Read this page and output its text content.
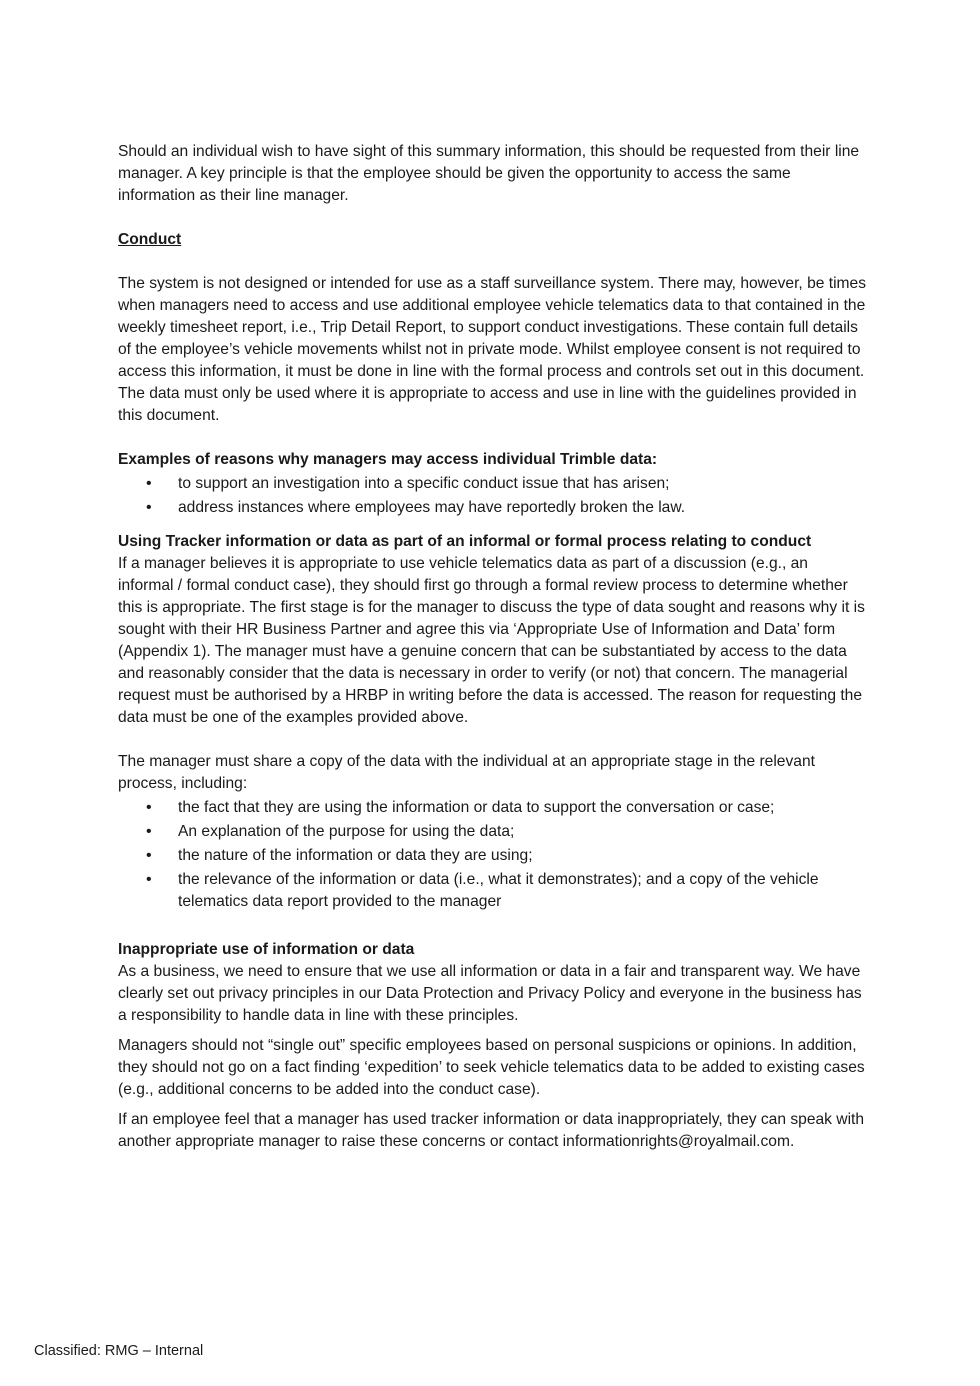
Should an individual wish to have sight of this summary information, this should be requested from their line manager. A key principle is that the employee should be given the opportunity to access the same information as their line manager.

Conduct

The system is not designed or intended for use as a staff surveillance system. There may, however, be times when managers need to access and use additional employee vehicle telematics data to that contained in the weekly timesheet report, i.e., Trip Detail Report, to support conduct investigations. These contain full details of the employee’s vehicle movements whilst not in private mode. Whilst employee consent is not required to access this information, it must be done in line with the formal process and controls set out in this document. The data must only be used where it is appropriate to access and use in line with the guidelines provided in this document.

Examples of reasons why managers may access individual Trimble data:

• to support an investigation into a specific conduct issue that has arisen;
• address instances where employees may have reportedly broken the law.

Using Tracker information or data as part of an informal or formal process relating to conduct

If a manager believes it is appropriate to use vehicle telematics data as part of a discussion (e.g., an informal / formal conduct case), they should first go through a formal review process to determine whether this is appropriate. The first stage is for the manager to discuss the type of data sought and reasons why it is sought with their HR Business Partner and agree this via ‘Appropriate Use of Information and Data’ form (Appendix 1). The manager must have a genuine concern that can be substantiated by access to the data and reasonably consider that the data is necessary in order to verify (or not) that concern. The managerial request must be authorised by a HRBP in writing before the data is accessed. The reason for requesting the data must be one of the examples provided above.

The manager must share a copy of the data with the individual at an appropriate stage in the relevant process, including:

• the fact that they are using the information or data to support the conversation or case;
• An explanation of the purpose for using the data;
• the nature of the information or data they are using;
• the relevance of the information or data (i.e., what it demonstrates); and a copy of the vehicle telematics data report provided to the manager

Inappropriate use of information or data

As a business, we need to ensure that we use all information or data in a fair and transparent way. We have clearly set out privacy principles in our Data Protection and Privacy Policy and everyone in the business has a responsibility to handle data in line with these principles.

Managers should not “single out” specific employees based on personal suspicions or opinions. In addition, they should not go on a fact finding ‘expedition’ to seek vehicle telematics data to be added to existing cases (e.g., additional concerns to be added into the conduct case).

If an employee feel that a manager has used tracker information or data inappropriately, they can speak with another appropriate manager to raise these concerns or contact informationrights@royalmail.com.

Classified: RMG – Internal
